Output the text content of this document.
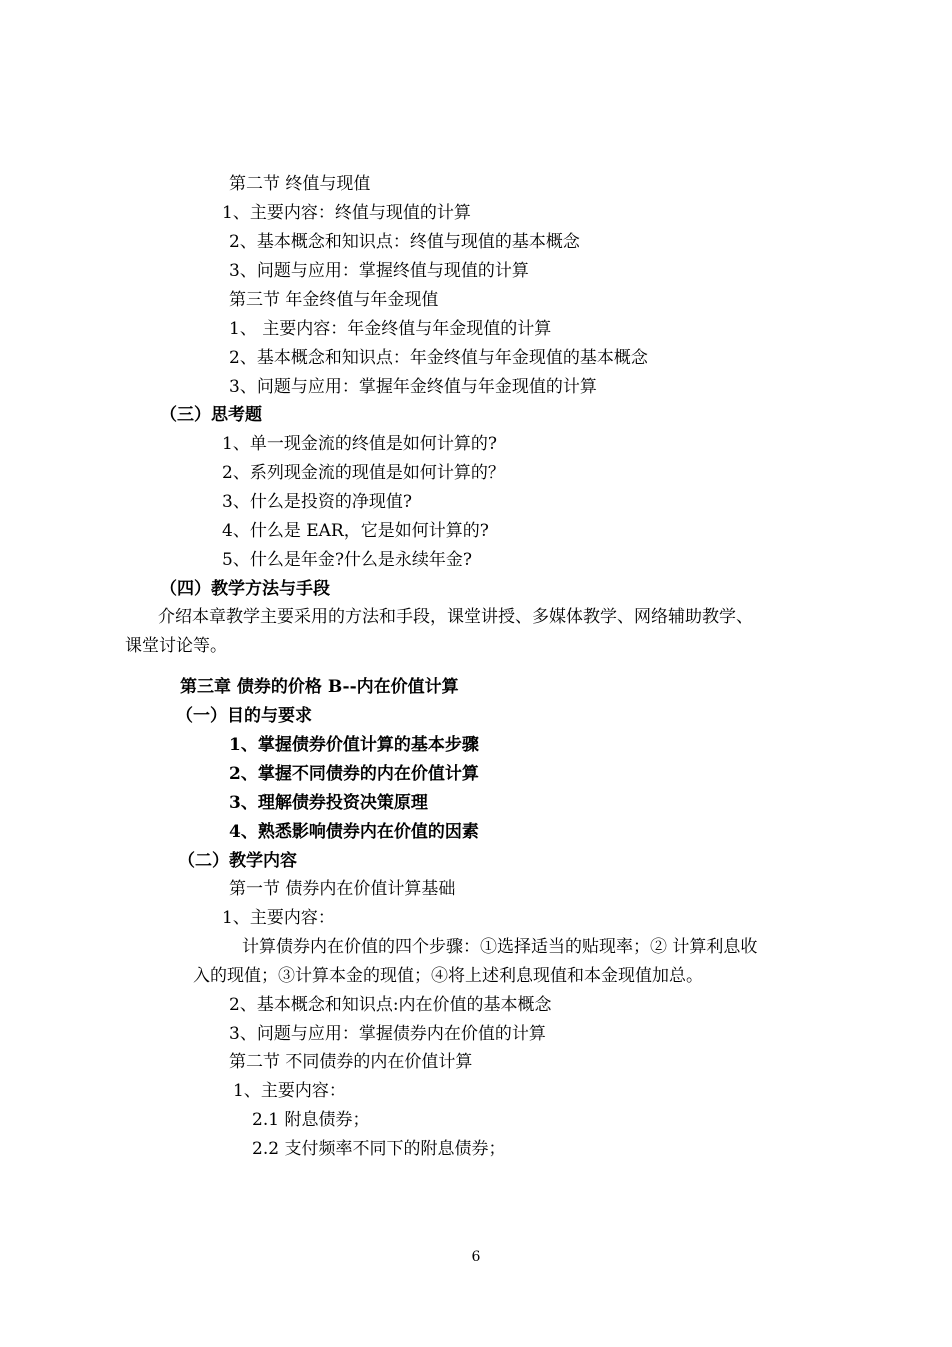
第二节 终值与现值
1、主要内容：终值与现值的计算
2、基本概念和知识点：终值与现值的基本概念
3、问题与应用：掌握终值与现值的计算
第三节 年金终值与年金现值
1、 主要内容：年金终值与年金现值的计算
2、基本概念和知识点：年金终值与年金现值的基本概念
3、问题与应用：掌握年金终值与年金现值的计算
（三）思考题
1、单一现金流的终值是如何计算的?
2、系列现金流的现值是如何计算的？
3、什么是投资的净现值?
4、什么是 EAR，它是如何计算的?
5、什么是年金?什么是永续年金?
（四）教学方法与手段
介绍本章教学主要采用的方法和手段，课堂讲授、多媒体教学、网络辅助教学、
课堂讨论等。
第三章 债券的价格 B--内在价值计算
（一）目的与要求
1、掌握债券价值计算的基本步骤
2、掌握不同债券的内在价值计算
3、理解债券投资决策原理
4、熟悉影响债券内在价值的因素
（二）教学内容
第一节 债券内在价值计算基础
1、主要内容：
计算债券内在价值的四个步骤：①选择适当的贴现率；② 计算利息收
入的现值；③计算本金的现值；④将上述利息现值和本金现值加总。
2、基本概念和知识点:内在价值的基本概念
3、问题与应用：掌握债券内在价值的计算
第二节 不同债券的内在价值计算
1、主要内容：
2.1 附息债券；
2.2 支付频率不同下的附息债券；
6
